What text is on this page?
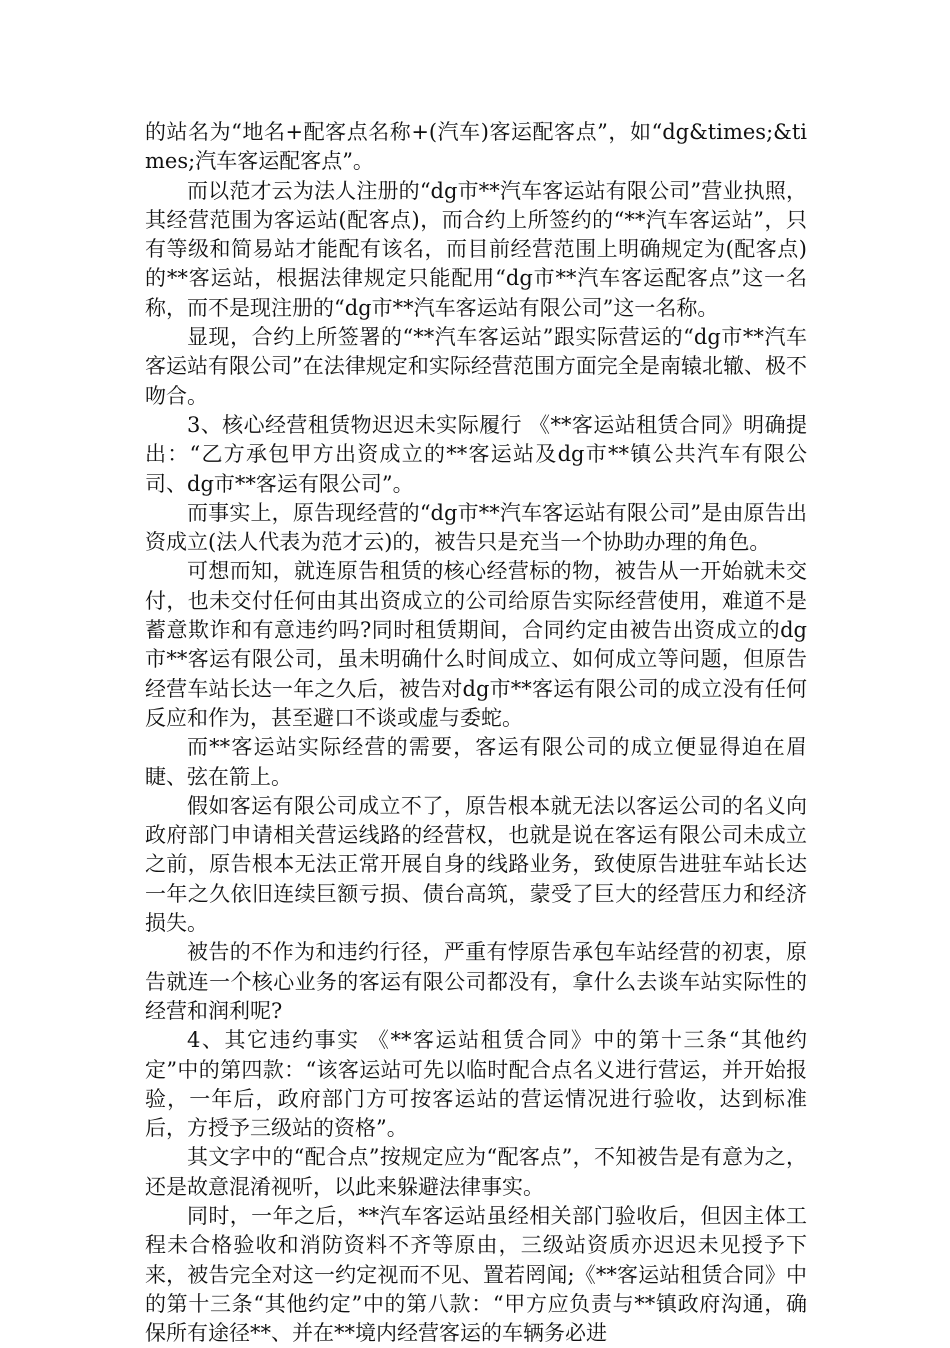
的站名为“地名+配客点名称+(汽车)客运配客点”，如“dg&times;&times;汽车客运配客点”。

而以范才云为法人注册的“dg市**汽车客运站有限公司”营业执照，其经营范围为客运站(配客点)，而合约上所签约的“**汽车客运站”，只有等级和简易站才能配有该名，而目前经营范围上明确规定为(配客点)的**客运站，根据法律规定只能配用“dg市**汽车客运配客点”这一名称，而不是现注册的“dg市**汽车客运站有限公司”这一名称。

显现，合约上所签署的“**汽车客运站”跟实际营运的“dg市**汽车客运站有限公司”在法律规定和实际经营范围方面完全是南辕北辙、极不吻合。

3、核心经营租赁物迟迟未实际履行 《**客运站租赁合同》明确提出：“乙方承包甲方出资成立的**客运站及dg市**镇公共汽车有限公司、dg市**客运有限公司”。

而事实上，原告现经营的“dg市**汽车客运站有限公司”是由原告出资成立(法人代表为范才云)的，被告只是充当一个协助办理的角色。

可想而知，就连原告租赁的核心经营标的物，被告从一开始就未交付，也未交付任何由其出资成立的公司给原告实际经营使用，难道不是蓄意欺诈和有意违约吗?同时租赁期间，合同约定由被告出资成立的dg市**客运有限公司，虽未明确什么时间成立、如何成立等问题，但原告经营车站长达一年之久后，被告对dg市**客运有限公司的成立没有任何反应和作为，甚至避口不谈或虚与委蛇。

而**客运站实际经营的需要，客运有限公司的成立便显得迫在眉睫、弦在箭上。

假如客运有限公司成立不了，原告根本就无法以客运公司的名义向政府部门申请相关营运线路的经营权，也就是说在客运有限公司未成立之前，原告根本无法正常开展自身的线路业务，致使原告进驻车站长达一年之久依旧连续巨额亏损、债台高筑，蒙受了巨大的经营压力和经济损失。

被告的不作为和违约行径，严重有悖原告承包车站经营的初衷，原告就连一个核心业务的客运有限公司都没有，拿什么去谈车站实际性的经营和润利呢?

4、其它违约事实 《**客运站租赁合同》中的第十三条“其他约定”中的第四款：“该客运站可先以临时配合点名义进行营运，并开始报验，一年后，政府部门方可按客运站的营运情况进行验收，达到标准后，方授予三级站的资格”。

其文字中的“配合点”按规定应为“配客点”，不知被告是有意为之，还是故意混淆视听，以此来躲避法律事实。

同时，一年之后，**汽车客运站虽经相关部门验收后，但因主体工程未合格验收和消防资料不齐等原由，三级站资质亦迟迟未见授予下来，被告完全对这一约定视而不见、置若罔闻;《**客运站租赁合同》中的第十三条“其他约定”中的第八款：“甲方应负责与**镇政府沟通，确保所有途径**、并在**境内经营客运的车辆务必进
